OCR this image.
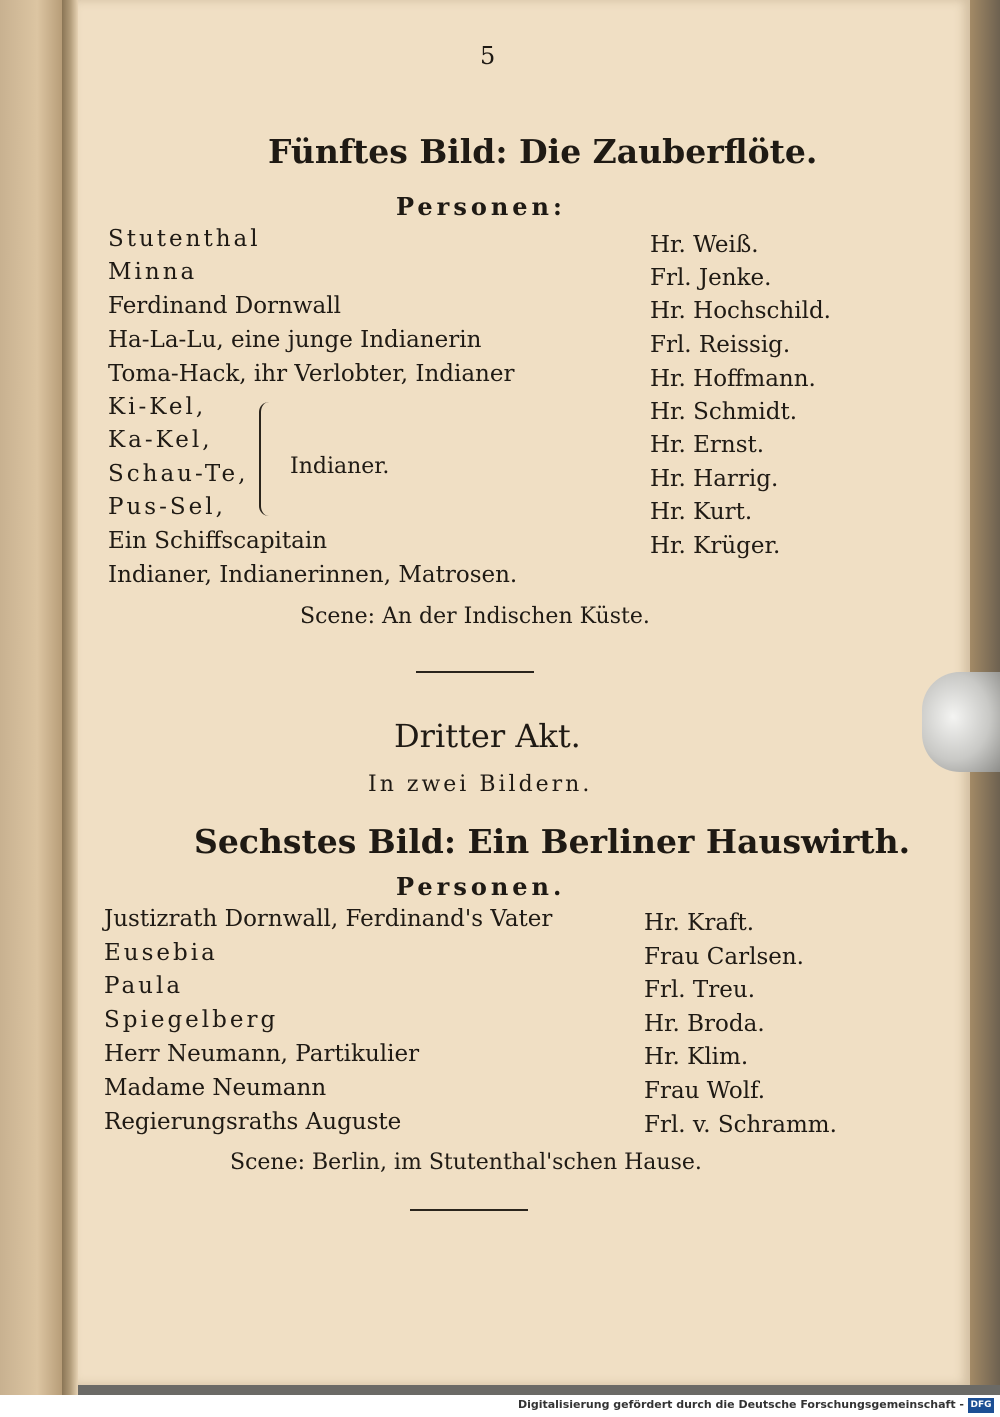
5
Fünftes Bild: Die Zauberflöte.
Personen:
Stutenthal	Hr. Weiß.
Minna	Frl. Jenke.
Ferdinand Dornwall	Hr. Hochschild.
Ha-La-Lu, eine junge Indianerin	Frl. Reissig.
Toma-Hack, ihr Verlobter, Indianer	Hr. Hoffmann.
Ki-Kel,	Hr. Schmidt.
Ka-Kel,	Hr. Ernst.
Schau-Te,	Hr. Harrig.
Pus-Sel,	Hr. Kurt.
Indianer.
Ein Schiffscapitain	Hr. Krüger.
Indianer, Indianerinnen, Matrosen.
Scene: An der Indischen Küste.
Dritter Akt.
In zwei Bildern.
Sechstes Bild: Ein Berliner Hauswirth.
Personen.
Justizrath Dornwall, Ferdinand's Vater	Hr. Kraft.
Eusebia	Frau Carlsen.
Paula	Frl. Treu.
Spiegelberg	Hr. Broda.
Herr Neumann, Partikulier	Hr. Klim.
Madame Neumann	Frau Wolf.
Regierungsraths Auguste	Frl. v. Schramm.
Scene: Berlin, im Stutenthal'schen Hause.
Digitalisierung gefördert durch die Deutsche Forschungsgemeinschaft - DFG
